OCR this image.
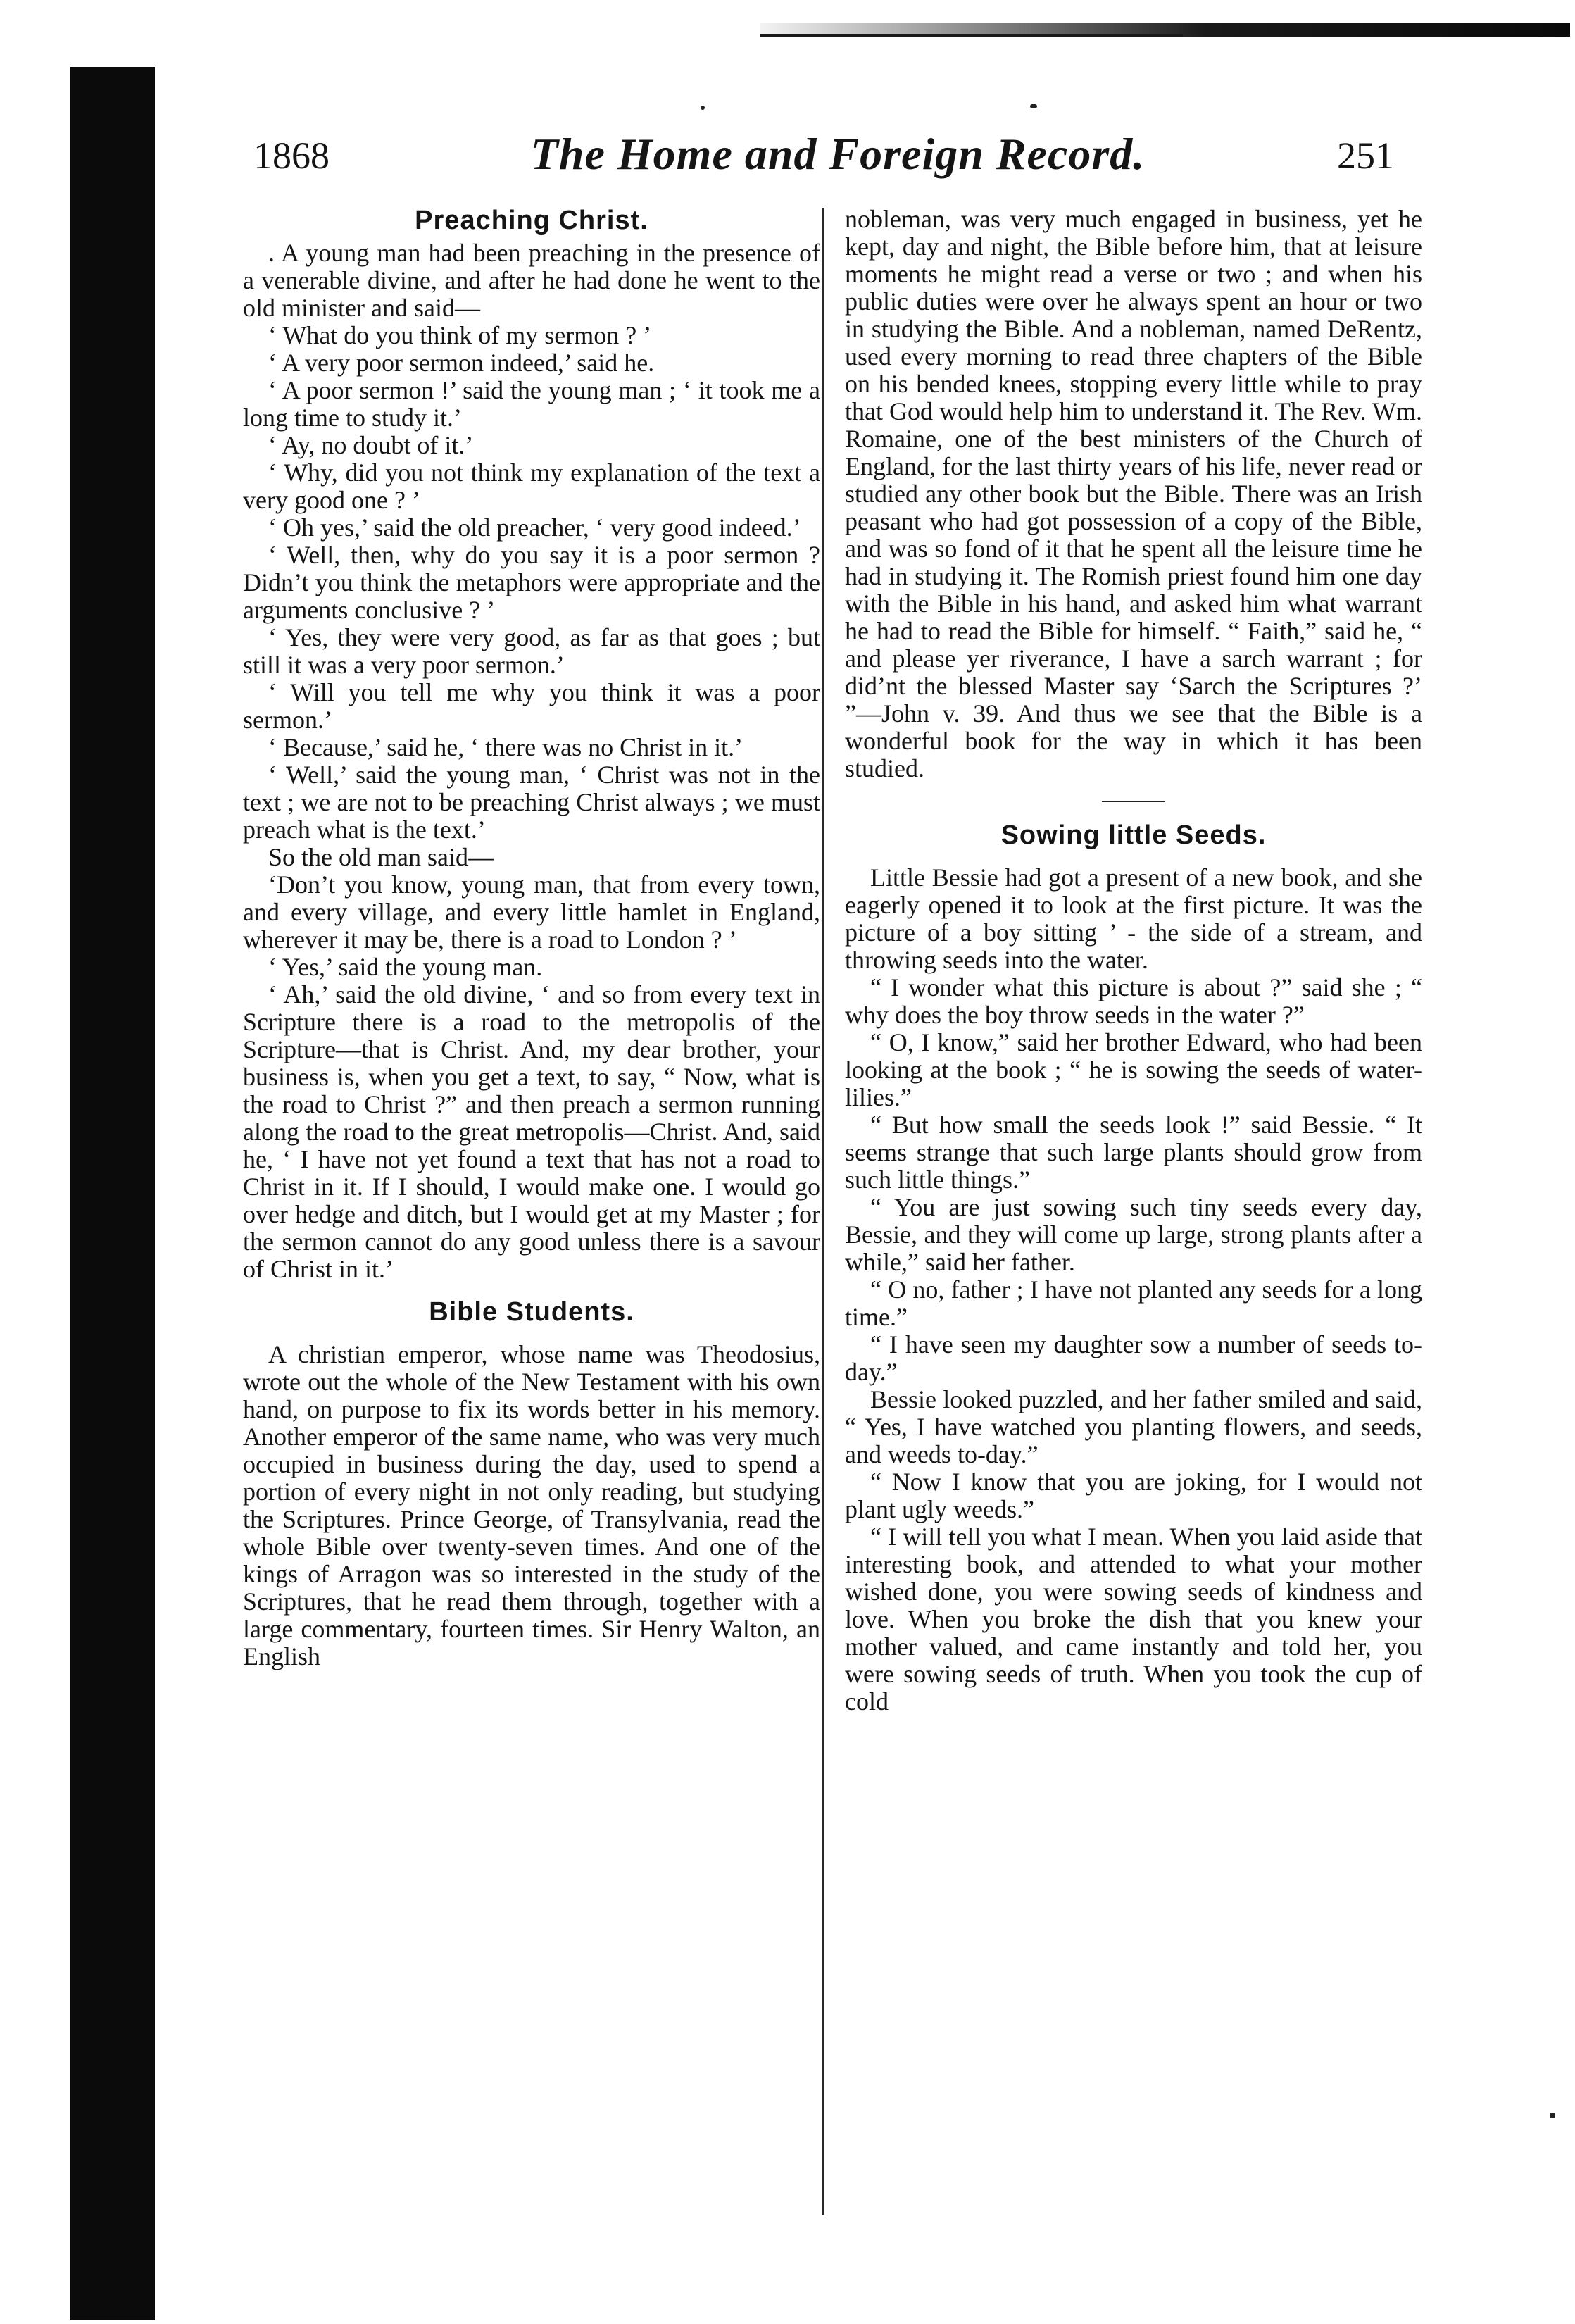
1868	The Home and Foreign Record.	251
Preaching Christ.

. A young man had been preaching in the presence of a venerable divine, and after he had done he went to the old minister and said—

‘ What do you think of my sermon ? ’

‘ A very poor sermon indeed,’ said he.

‘ A poor sermon !’ said the young man ; ‘ it took me a long time to study it.’

‘ Ay, no doubt of it.’

‘ Why, did you not think my explanation of the text a very good one ? ’

‘ Oh yes,’ said the old preacher, ‘ very good indeed.’

‘ Well, then, why do you say it is a poor sermon ? Didn’t you think the metaphors were appropriate and the arguments conclusive ? ’

‘ Yes, they were very good, as far as that goes ; but still it was a very poor sermon.’

‘ Will you tell me why you think it was a poor sermon.’

‘ Because,’ said he, ‘ there was no Christ in it.’

‘ Well,’ said the young man, ‘ Christ was not in the text ; we are not to be preaching Christ always ; we must preach what is the text.’

So the old man said—

‘Don’t you know, young man, that from every town, and every village, and every little hamlet in England, wherever it may be, there is a road to London ? ’

‘ Yes,’ said the young man.

‘ Ah,’ said the old divine, ‘ and so from every text in Scripture there is a road to the metropolis of the Scripture—that is Christ. And, my dear brother, your business is, when you get a text, to say, “ Now, what is the road to Christ ?” and then preach a sermon running along the road to the great metropolis—Christ. And, said he, ‘ I have not yet found a text that has not a road to Christ in it. If I should, I would make one. I would go over hedge and ditch, but I would get at my Master ; for the sermon cannot do any good unless there is a savour of Christ in it.’

Bible Students.

A christian emperor, whose name was Theodosius, wrote out the whole of the New Testament with his own hand, on purpose to fix its words better in his memory. Another emperor of the same name, who was very much occupied in business during the day, used to spend a portion of every night in not only reading, but studying the Scriptures. Prince George, of Transylvania, read the whole Bible over twenty-seven times. And one of the kings of Arragon was so interested in the study of the Scriptures, that he read them through, together with a large commentary, fourteen times. Sir Henry Walton, an English

nobleman, was very much engaged in business, yet he kept, day and night, the Bible before him, that at leisure moments he might read a verse or two ; and when his public duties were over he always spent an hour or two in studying the Bible. And a nobleman, named DeRentz, used every morning to read three chapters of the Bible on his bended knees, stopping every little while to pray that God would help him to understand it. The Rev. Wm. Romaine, one of the best ministers of the Church of England, for the last thirty years of his life, never read or studied any other book but the Bible. There was an Irish peasant who had got possession of a copy of the Bible, and was so fond of it that he spent all the leisure time he had in studying it. The Romish priest found him one day with the Bible in his hand, and asked him what warrant he had to read the Bible for himself. “ Faith,” said he, “ and please yer riverance, I have a sarch warrant ; for did’nt the blessed Master say ‘Sarch the Scriptures ?’ ”—John v. 39. And thus we see that the Bible is a wonderful book for the way in which it has been studied.

Sowing little Seeds.

Little Bessie had got a present of a new book, and she eagerly opened it to look at the first picture. It was the picture of a boy sitting ’ ‑ the side of a stream, and throwing seeds into the water.

“ I wonder what this picture is about ?” said she ; “ why does the boy throw seeds in the water ?”

“ O, I know,” said her brother Edward, who had been looking at the book ; “ he is sowing the seeds of water-lilies.”

“ But how small the seeds look !” said Bessie. “ It seems strange that such large plants should grow from such little things.”

“ You are just sowing such tiny seeds every day, Bessie, and they will come up large, strong plants after a while,” said her father.

“ O no, father ; I have not planted any seeds for a long time.”

“ I have seen my daughter sow a number of seeds to-day.”

Bessie looked puzzled, and her father smiled and said, “ Yes, I have watched you planting flowers, and seeds, and weeds to-day.”

“ Now I know that you are joking, for I would not plant ugly weeds.”

“ I will tell you what I mean. When you laid aside that interesting book, and attended to what your mother wished done, you were sowing seeds of kindness and love. When you broke the dish that you knew your mother valued, and came instantly and told her, you were sowing seeds of truth. When you took the cup of cold
